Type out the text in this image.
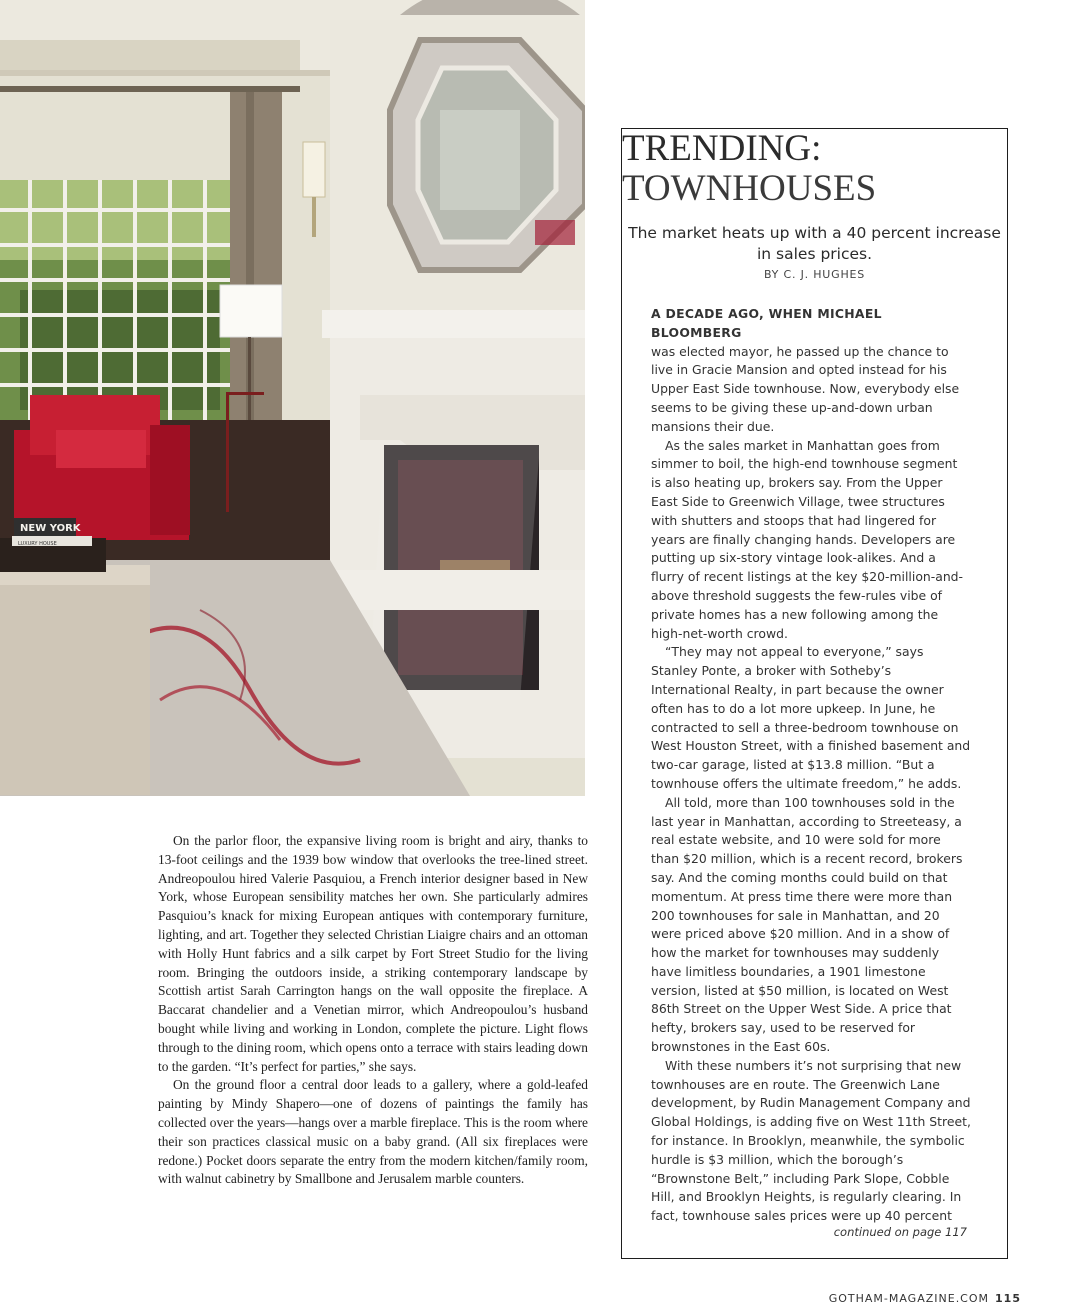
NEW YORK
LUXURY HOUSE

On the parlor floor, the expansive living room is bright and airy, thanks to 13-foot ceilings and the 1939 bow window that overlooks the tree-lined street. Andreopoulou hired Valerie Pasquiou, a French interior designer based in New York, whose European sensibility matches her own. She particularly admires Pasquiou’s knack for mixing European antiques with contemporary furniture, lighting, and art. Together they selected Christian Liaigre chairs and an ottoman with Holly Hunt fabrics and a silk carpet by Fort Street Studio for the living room. Bringing the outdoors inside, a striking contemporary landscape by Scottish artist Sarah Carrington hangs on the wall opposite the fireplace. A Baccarat chandelier and a Venetian mirror, which Andreopoulou’s husband bought while living and working in London, complete the picture. Light flows through to the dining room, which opens onto a terrace with stairs leading down to the garden. “It’s perfect for parties,” she says.

On the ground floor a central door leads to a gallery, where a gold-leafed painting by Mindy Shapero—one of dozens of paintings the family has collected over the years—hangs over a marble fireplace. This is the room where their son practices classical music on a baby grand. (All six fireplaces were redone.) Pocket doors separate the entry from the modern kitchen/family room, with walnut cabinetry by Smallbone and Jerusalem marble counters.

TRENDING:
TOWNHOUSES
The market heats up with a 40 percent increase in sales prices.
BY C. J. HUGHES

A DECADE AGO, WHEN MICHAEL BLOOMBERG
was elected mayor, he passed up the chance to live in Gracie Mansion and opted instead for his Upper East Side townhouse. Now, everybody else seems to be giving these up-and-down urban mansions their due.

As the sales market in Manhattan goes from simmer to boil, the high-end townhouse segment is also heating up, brokers say. From the Upper East Side to Greenwich Village, twee structures with shutters and stoops that had lingered for years are finally changing hands. Developers are putting up six-story vintage look-alikes. And a flurry of recent listings at the key $20-million-and-above threshold suggests the few-rules vibe of private homes has a new following among the high-net-worth crowd.

“They may not appeal to everyone,” says Stanley Ponte, a broker with Sotheby’s International Realty, in part because the owner often has to do a lot more upkeep. In June, he contracted to sell a three-bedroom townhouse on West Houston Street, with a finished basement and two-car garage, listed at $13.8 million. “But a townhouse offers the ultimate freedom,” he adds.

All told, more than 100 townhouses sold in the last year in Manhattan, according to Streeteasy, a real estate website, and 10 were sold for more than $20 million, which is a recent record, brokers say. And the coming months could build on that momentum. At press time there were more than 200 townhouses for sale in Manhattan, and 20 were priced above $20 million. And in a show of how the market for townhouses may suddenly have limitless boundaries, a 1901 limestone version, listed at $50 million, is located on West 86th Street on the Upper West Side. A price that hefty, brokers say, used to be reserved for brownstones in the East 60s.

With these numbers it’s not surprising that new townhouses are en route. The Greenwich Lane development, by Rudin Management Company and Global Holdings, is adding five on West 11th Street, for instance. In Brooklyn, meanwhile, the symbolic hurdle is $3 million, which the borough’s “Brownstone Belt,” including Park Slope, Cobble Hill, and Brooklyn Heights, is regularly clearing. In fact, townhouse sales prices were up 40 percent

continued on page 117
GOTHAM-MAGAZINE.COM 115
